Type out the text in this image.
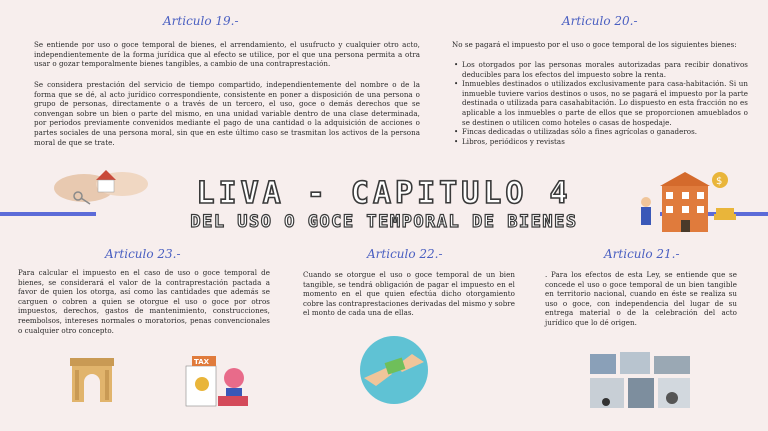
Articulo 19.-

Se entiende por uso o goce temporal de bienes, el arrendamiento, el usufructo y cualquier otro acto, independientemente de la forma jurídica que al efecto se utilice, por el que una persona permita a otra usar o gozar temporalmente bienes tangibles, a cambio de una contraprestación.

Se considera prestación del servicio de tiempo compartido, independientemente del nombre o de la forma que se dé, al acto jurídico correspondiente, consistente en poner a disposición de una persona o grupo de personas, directamente o a través de un tercero, el uso, goce o demás derechos que se convengan sobre un bien o parte del mismo, en una unidad variable dentro de una clase determinada, por periodos previamente convenidos mediante el pago de una cantidad o la adquisición de acciones o partes sociales de una persona moral, sin que en este último caso se trasmitan los activos de la persona moral de que se trate.

Articulo 20.-

No se pagará el impuesto por el uso o goce temporal de los siguientes bienes:

• Los otorgados por las personas morales autorizadas para recibir donativos deducibles para los efectos del impuesto sobre la renta.
• Inmuebles destinados o utilizados exclusivamente para casa-habitación. Si un inmueble tuviere varios destinos o usos, no se pagará el impuesto por la parte destinada o utilizada para casahabitación. Lo dispuesto en esta fracción no es aplicable a los inmuebles o parte de ellos que se proporcionen amueblados o se destinen o utilicen como hoteles o casas de hospedaje.
• Fincas dedicadas o utilizadas sólo a fines agrícolas o ganaderos.
• Libros, periódicos y revistas
LIVA - CAPITULO 4
DEL USO O GOCE TEMPORAL DE BIENES
$
Articulo 23.-

Para calcular el impuesto en el caso de uso o goce temporal de bienes, se considerará el valor de la contraprestación pactada a favor de quien los otorga, así como las cantidades que además se carguen o cobren a quien se otorgue el uso o goce por otros impuestos, derechos, gastos de mantenimiento, construcciones, reembolsos, intereses normales o moratorios, penas convencionales o cualquier otro concepto.

Articulo 22.-

Cuando se otorgue el uso o goce temporal de un bien tangible, se tendrá obligación de pagar el impuesto en el momento en el que quien efectúa dicho otorgamiento cobre las contraprestaciones derivadas del mismo y sobre el monto de cada una de ellas.

Articulo 21.-

. Para los efectos de esta Ley, se entiende que se concede el uso o goce temporal de un bien tangible en territorio nacional, cuando en éste se realiza su uso o goce, con independencia del lugar de su entrega material o de la celebración del acto jurídico que lo dé origen.

TAX
